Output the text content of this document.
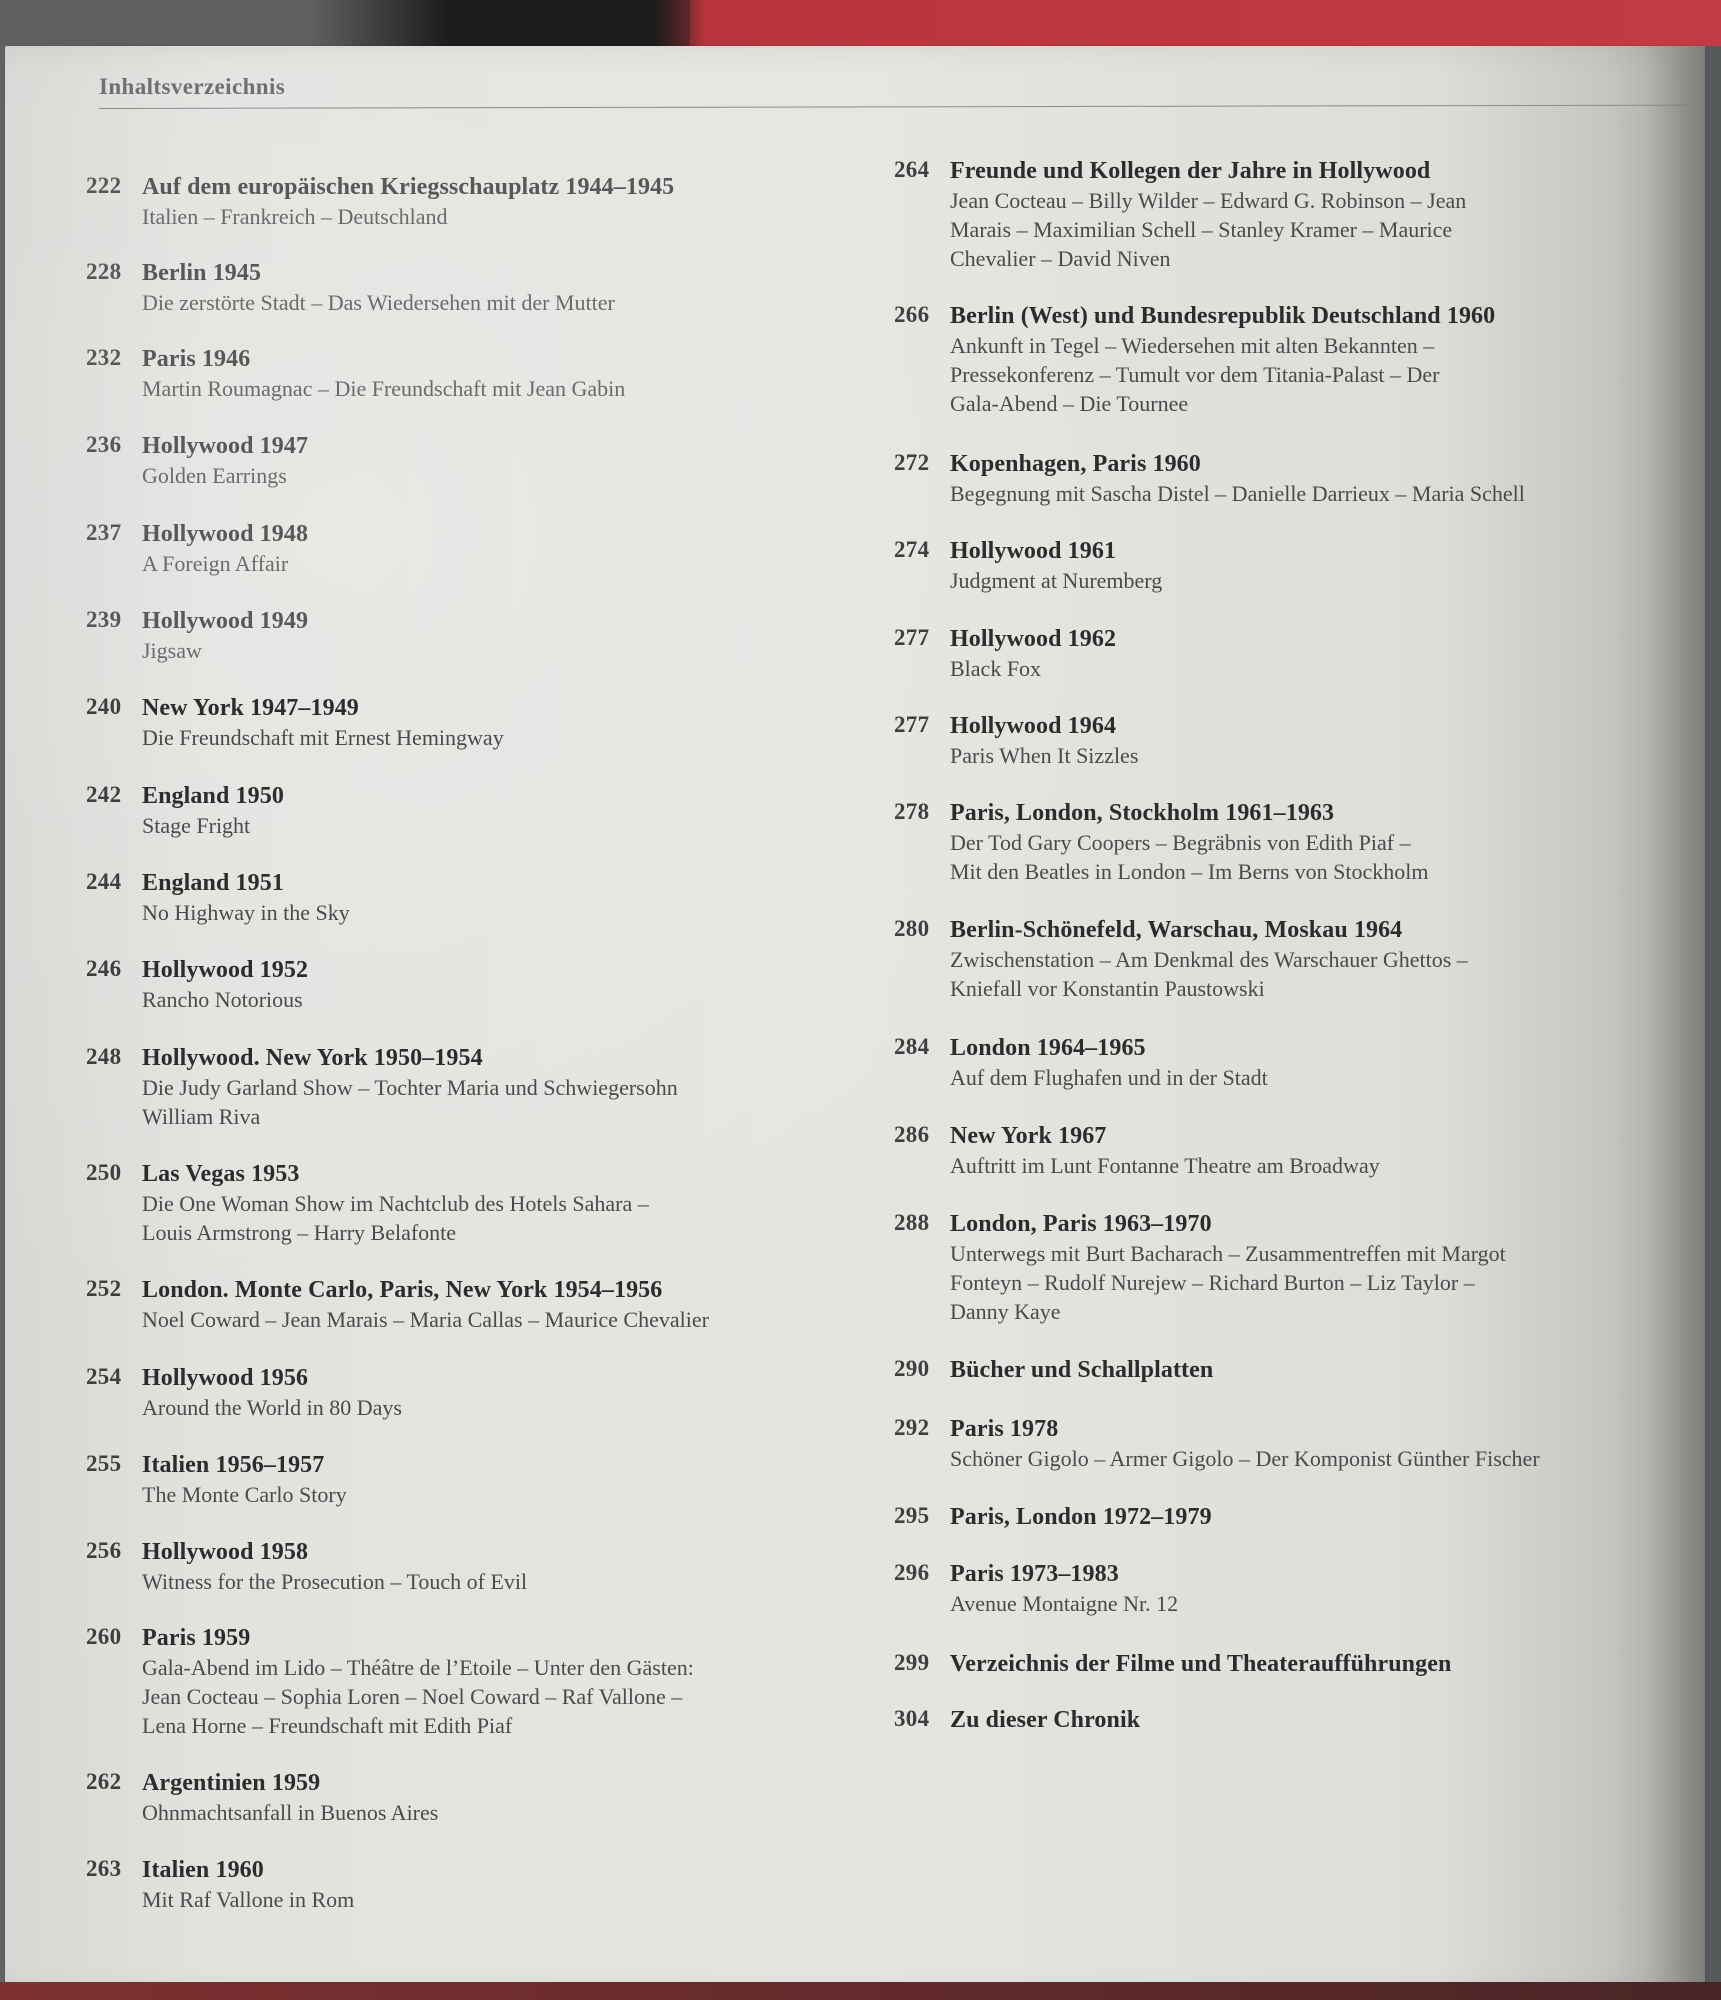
Inhaltsverzeichnis
222 Auf dem europäischen Kriegsschauplatz 1944–1945
Italien – Frankreich – Deutschland
228 Berlin 1945
Die zerstörte Stadt – Das Wiedersehen mit der Mutter
232 Paris 1946
Martin Roumagnac – Die Freundschaft mit Jean Gabin
236 Hollywood 1947
Golden Earrings
237 Hollywood 1948
A Foreign Affair
239 Hollywood 1949
Jigsaw
240 New York 1947–1949
Die Freundschaft mit Ernest Hemingway
242 England 1950
Stage Fright
244 England 1951
No Highway in the Sky
246 Hollywood 1952
Rancho Notorious
248 Hollywood. New York 1950–1954
Die Judy Garland Show – Tochter Maria und Schwiegersohn
William Riva
250 Las Vegas 1953
Die One Woman Show im Nachtclub des Hotels Sahara –
Louis Armstrong – Harry Belafonte
252 London. Monte Carlo, Paris, New York 1954–1956
Noel Coward – Jean Marais – Maria Callas – Maurice Chevalier
254 Hollywood 1956
Around the World in 80 Days
255 Italien 1956–1957
The Monte Carlo Story
256 Hollywood 1958
Witness for the Prosecution – Touch of Evil
260 Paris 1959
Gala-Abend im Lido – Théâtre de l’Etoile – Unter den Gästen:
Jean Cocteau – Sophia Loren – Noel Coward – Raf Vallone –
Lena Horne – Freundschaft mit Edith Piaf
262 Argentinien 1959
Ohnmachtsanfall in Buenos Aires
263 Italien 1960
Mit Raf Vallone in Rom
264 Freunde und Kollegen der Jahre in Hollywood
Jean Cocteau – Billy Wilder – Edward G. Robinson – Jean
Marais – Maximilian Schell – Stanley Kramer – Maurice
Chevalier – David Niven
266 Berlin (West) und Bundesrepublik Deutschland 1960
Ankunft in Tegel – Wiedersehen mit alten Bekannten –
Pressekonferenz – Tumult vor dem Titania-Palast – Der
Gala-Abend – Die Tournee
272 Kopenhagen, Paris 1960
Begegnung mit Sascha Distel – Danielle Darrieux – Maria Schell
274 Hollywood 1961
Judgment at Nuremberg
277 Hollywood 1962
Black Fox
277 Hollywood 1964
Paris When It Sizzles
278 Paris, London, Stockholm 1961–1963
Der Tod Gary Coopers – Begräbnis von Edith Piaf –
Mit den Beatles in London – Im Berns von Stockholm
280 Berlin-Schönefeld, Warschau, Moskau 1964
Zwischenstation – Am Denkmal des Warschauer Ghettos –
Kniefall vor Konstantin Paustowski
284 London 1964–1965
Auf dem Flughafen und in der Stadt
286 New York 1967
Auftritt im Lunt Fontanne Theatre am Broadway
288 London, Paris 1963–1970
Unterwegs mit Burt Bacharach – Zusammentreffen mit Margot
Fonteyn – Rudolf Nurejew – Richard Burton – Liz Taylor –
Danny Kaye
290 Bücher und Schallplatten
292 Paris 1978
Schöner Gigolo – Armer Gigolo – Der Komponist Günther Fischer
295 Paris, London 1972–1979
296 Paris 1973–1983
Avenue Montaigne Nr. 12
299 Verzeichnis der Filme und Theateraufführungen
304 Zu dieser Chronik
